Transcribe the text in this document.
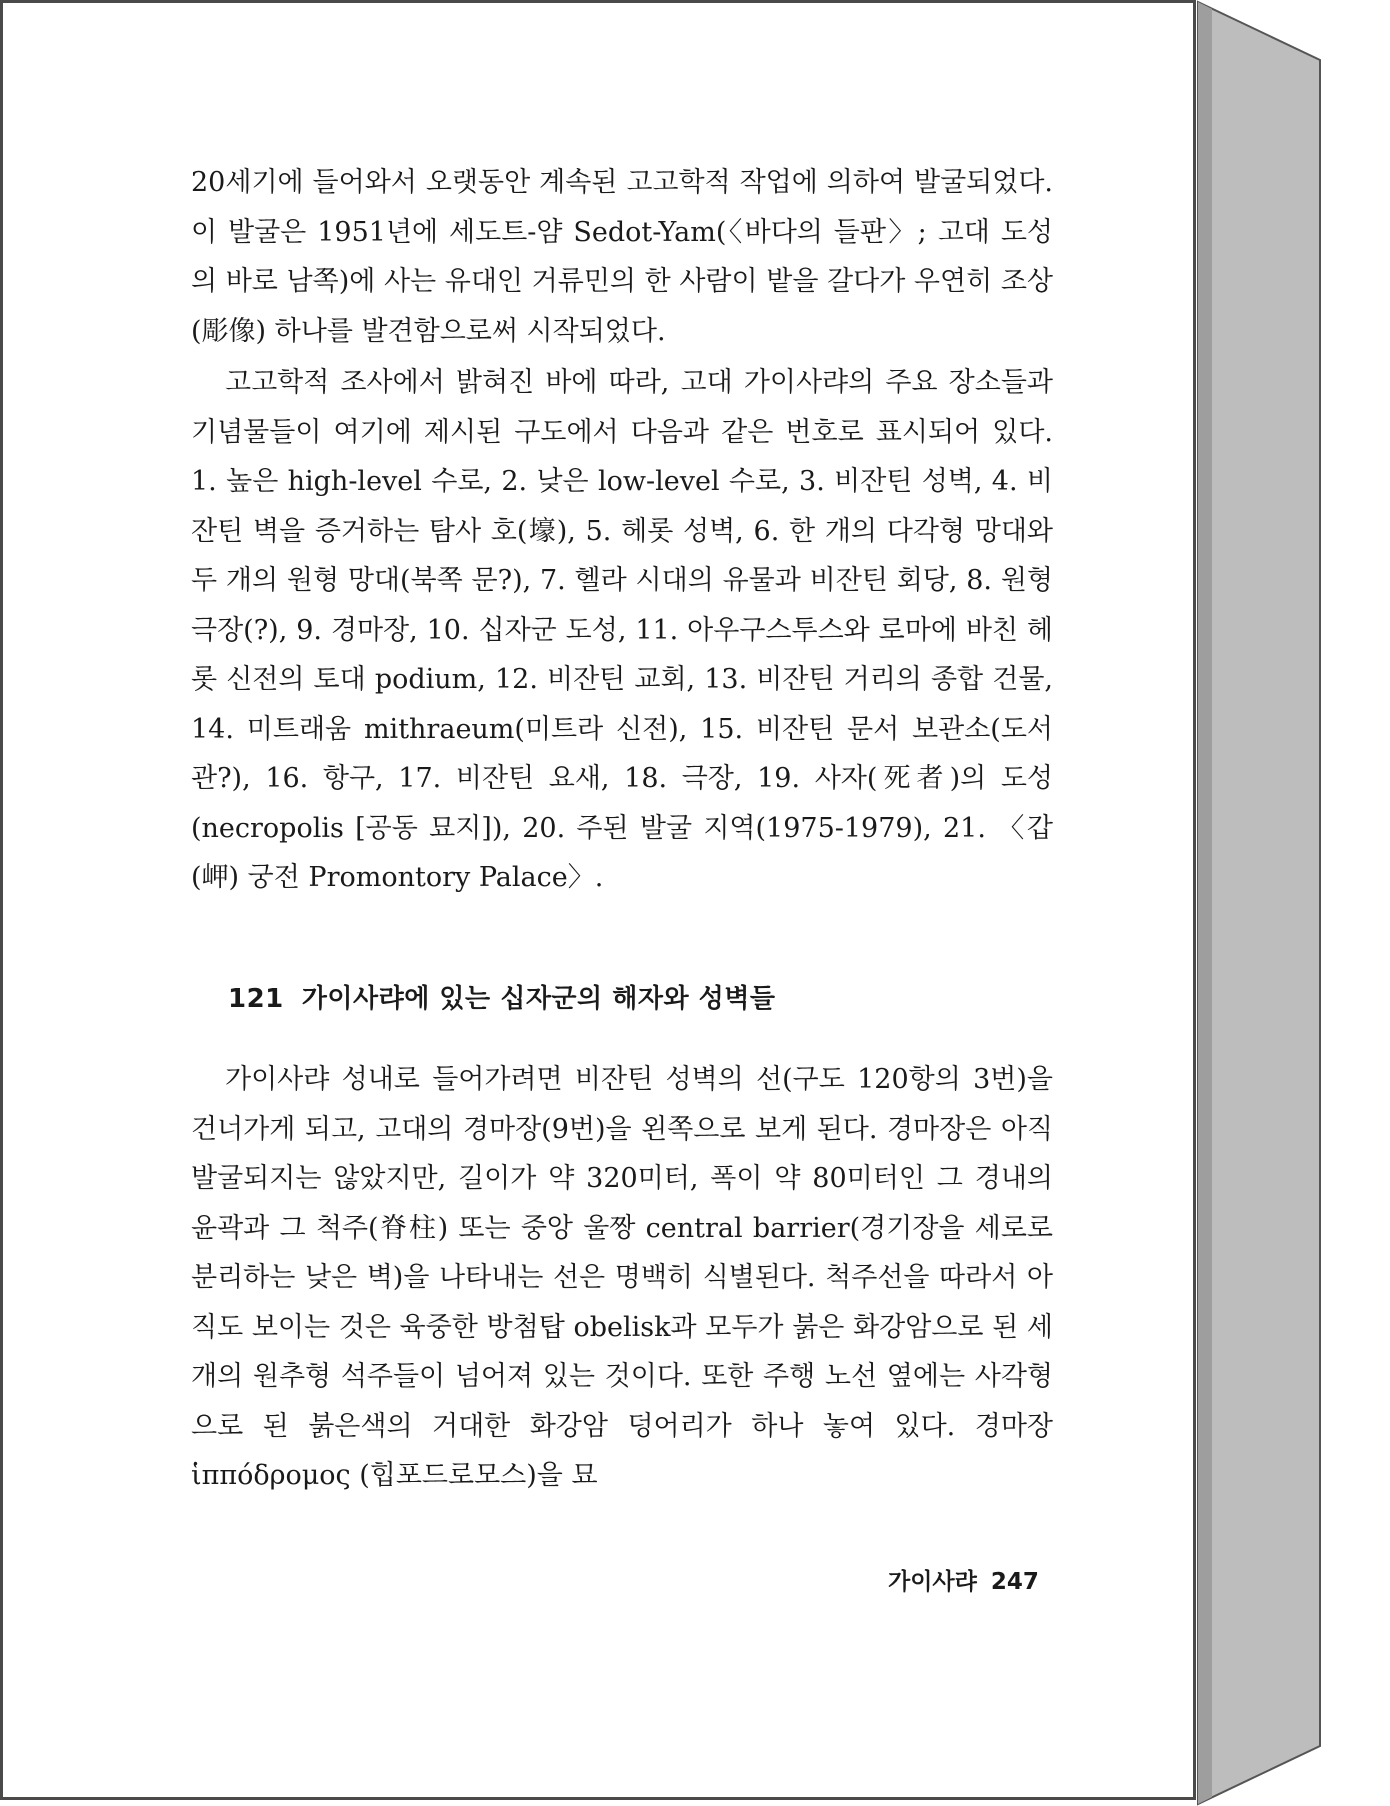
20세기에 들어와서 오랫동안 계속된 고고학적 작업에 의하여 발굴되었다. 이 발굴은 1951년에 세도트-얌 Sedot-Yam(〈바다의 들판〉; 고대 도성의 바로 남쪽)에 사는 유대인 거류민의 한 사람이 밭을 갈다가 우연히 조상(彫像) 하나를 발견함으로써 시작되었다.

고고학적 조사에서 밝혀진 바에 따라, 고대 가이사랴의 주요 장소들과 기념물들이 여기에 제시된 구도에서 다음과 같은 번호로 표시되어 있다. 1. 높은 high-level 수로, 2. 낮은 low-level 수로, 3. 비잔틴 성벽, 4. 비잔틴 벽을 증거하는 탐사 호(壕), 5. 헤롯 성벽, 6. 한 개의 다각형 망대와 두 개의 원형 망대(북쪽 문?), 7. 헬라 시대의 유물과 비잔틴 회당, 8. 원형 극장(?), 9. 경마장, 10. 십자군 도성, 11. 아우구스투스와 로마에 바친 헤롯 신전의 토대 podium, 12. 비잔틴 교회, 13. 비잔틴 거리의 종합 건물, 14. 미트래움 mithraeum(미트라 신전), 15. 비잔틴 문서 보관소(도서관?), 16. 항구, 17. 비잔틴 요새, 18. 극장, 19. 사자(死者)의 도성(necropolis [공동 묘지]), 20. 주된 발굴 지역(1975-1979), 21. 〈갑(岬) 궁전 Promontory Palace〉.

121 가이사랴에 있는 십자군의 해자와 성벽들

가이사랴 성내로 들어가려면 비잔틴 성벽의 선(구도 120항의 3번)을 건너가게 되고, 고대의 경마장(9번)을 왼쪽으로 보게 된다. 경마장은 아직 발굴되지는 않았지만, 길이가 약 320미터, 폭이 약 80미터인 그 경내의 윤곽과 그 척주(脊柱) 또는 중앙 울짱 central barrier(경기장을 세로로 분리하는 낮은 벽)을 나타내는 선은 명백히 식별된다. 척주선을 따라서 아직도 보이는 것은 육중한 방첨탑 obelisk과 모두가 붉은 화강암으로 된 세 개의 원추형 석주들이 넘어져 있는 것이다. 또한 주행 노선 옆에는 사각형으로 된 붉은색의 거대한 화강암 덩어리가 하나 놓여 있다. 경마장 ἱππόδρομος (힙포드로모스)을 묘

가이사랴 247
